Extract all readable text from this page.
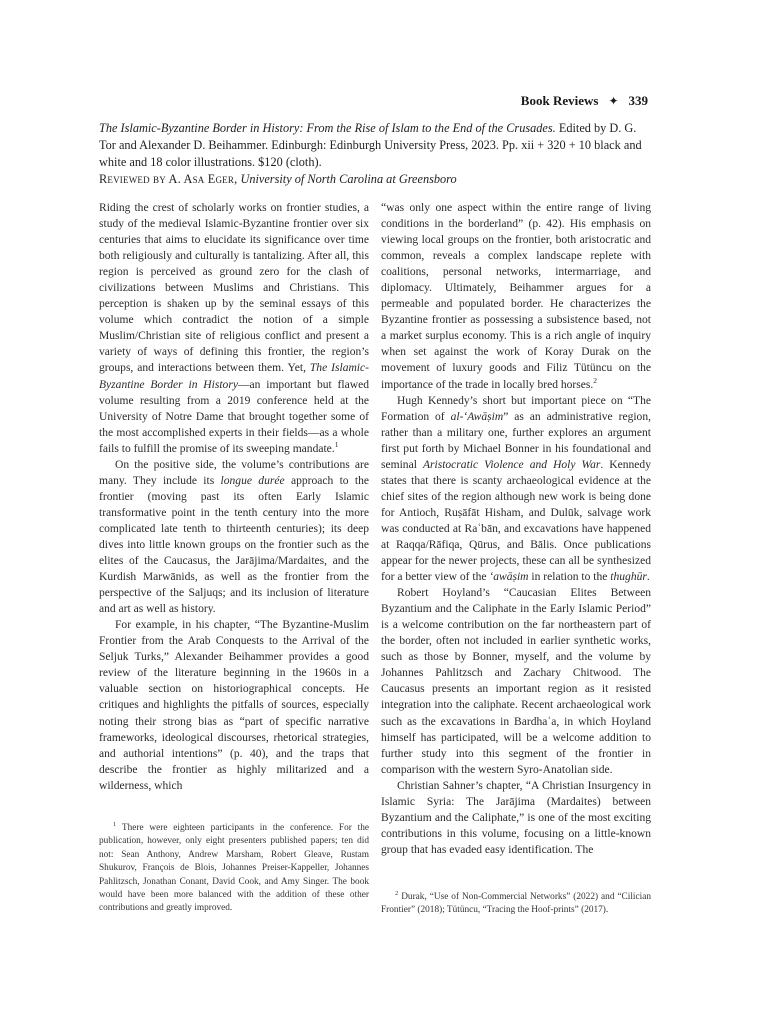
Book Reviews ✦ 339

The Islamic-Byzantine Border in History: From the Rise of Islam to the End of the Crusades. Edited by D. G. Tor and Alexander D. Beihammer. Edinburgh: Edinburgh University Press, 2023. Pp. xii + 320 + 10 black and white and 18 color illustrations. $120 (cloth).

Reviewed by A. Asa Eger, University of North Carolina at Greensboro

Riding the crest of scholarly works on frontier studies, a study of the medieval Islamic-Byzantine frontier over six centuries that aims to elucidate its significance over time both religiously and culturally is tantalizing. After all, this region is perceived as ground zero for the clash of civilizations between Muslims and Christians. This perception is shaken up by the seminal essays of this volume which contradict the notion of a simple Muslim/Christian site of religious conflict and present a variety of ways of defining this frontier, the region’s groups, and interactions between them. Yet, The Islamic-Byzantine Border in History—an important but flawed volume resulting from a 2019 conference held at the University of Notre Dame that brought together some of the most accomplished experts in their fields—as a whole fails to fulfill the promise of its sweeping mandate.$^1$

On the positive side, the volume’s contributions are many. They include its longue durée approach to the frontier (moving past its often Early Islamic transformative point in the tenth century into the more complicated late tenth to thirteenth centuries); its deep dives into little known groups on the frontier such as the elites of the Caucasus, the Jarājima/Mardaites, and the Kurdish Marwānids, as well as the frontier from the perspective of the Saljuqs; and its inclusion of literature and art as well as history.

For example, in his chapter, “The Byzantine-Muslim Frontier from the Arab Conquests to the Arrival of the Seljuk Turks,” Alexander Beihammer provides a good review of the literature beginning in the 1960s in a valuable section on historiographical concepts. He critiques and highlights the pitfalls of sources, especially noting their strong bias as “part of specific narrative frameworks, ideological discourses, rhetorical strategies, and authorial intentions” (p. 40), and the traps that describe the frontier as highly militarized and a wilderness, which

“was only one aspect within the entire range of living conditions in the borderland” (p. 42). His emphasis on viewing local groups on the frontier, both aristocratic and common, reveals a complex landscape replete with coalitions, personal networks, intermarriage, and diplomacy. Ultimately, Beihammer argues for a permeable and populated border. He characterizes the Byzantine frontier as possessing a subsistence based, not a market surplus economy. This is a rich angle of inquiry when set against the work of Koray Durak on the movement of luxury goods and Filiz Tütüncu on the importance of the trade in locally bred horses.$^2$

Hugh Kennedy’s short but important piece on “The Formation of al-‘Awāṣim” as an administrative region, rather than a military one, further explores an argument first put forth by Michael Bonner in his foundational and seminal Aristocratic Violence and Holy War. Kennedy states that there is scanty archaeological evidence at the chief sites of the region although new work is being done for Antioch, Ruṣāfāt Hisham, and Dulūk, salvage work was conducted at Raʿbān, and excavations have happened at Raqqa/Rāfiqa, Qūrus, and Bālis. Once publications appear for the newer projects, these can all be synthesized for a better view of the ‘awāṣim in relation to the thughūr.

Robert Hoyland’s “Caucasian Elites Between Byzantium and the Caliphate in the Early Islamic Period” is a welcome contribution on the far northeastern part of the border, often not included in earlier synthetic works, such as those by Bonner, myself, and the volume by Johannes Pahlitzsch and Zachary Chitwood. The Caucasus presents an important region as it resisted integration into the caliphate. Recent archaeological work such as the excavations in Bardhaʿa, in which Hoyland himself has participated, will be a welcome addition to further study into this segment of the frontier in comparison with the western Syro-Anatolian side.

Christian Sahner’s chapter, “A Christian Insurgency in Islamic Syria: The Jarājima (Mardaites) between Byzantium and the Caliphate,” is one of the most exciting contributions in this volume, focusing on a little-known group that has evaded easy identification. The

$^1$ There were eighteen participants in the conference. For the publication, however, only eight presenters published papers; ten did not: Sean Anthony, Andrew Marsham, Robert Gleave, Rustam Shukurov, François de Blois, Johannes Preiser-Kappeller, Johannes Pahlitzsch, Jonathan Conant, David Cook, and Amy Singer. The book would have been more balanced with the addition of these other contributions and greatly improved.

$^2$ Durak, “Use of Non-Commercial Networks” (2022) and “Cilician Frontier” (2018); Tütüncu, “Tracing the Hoof-prints” (2017).
